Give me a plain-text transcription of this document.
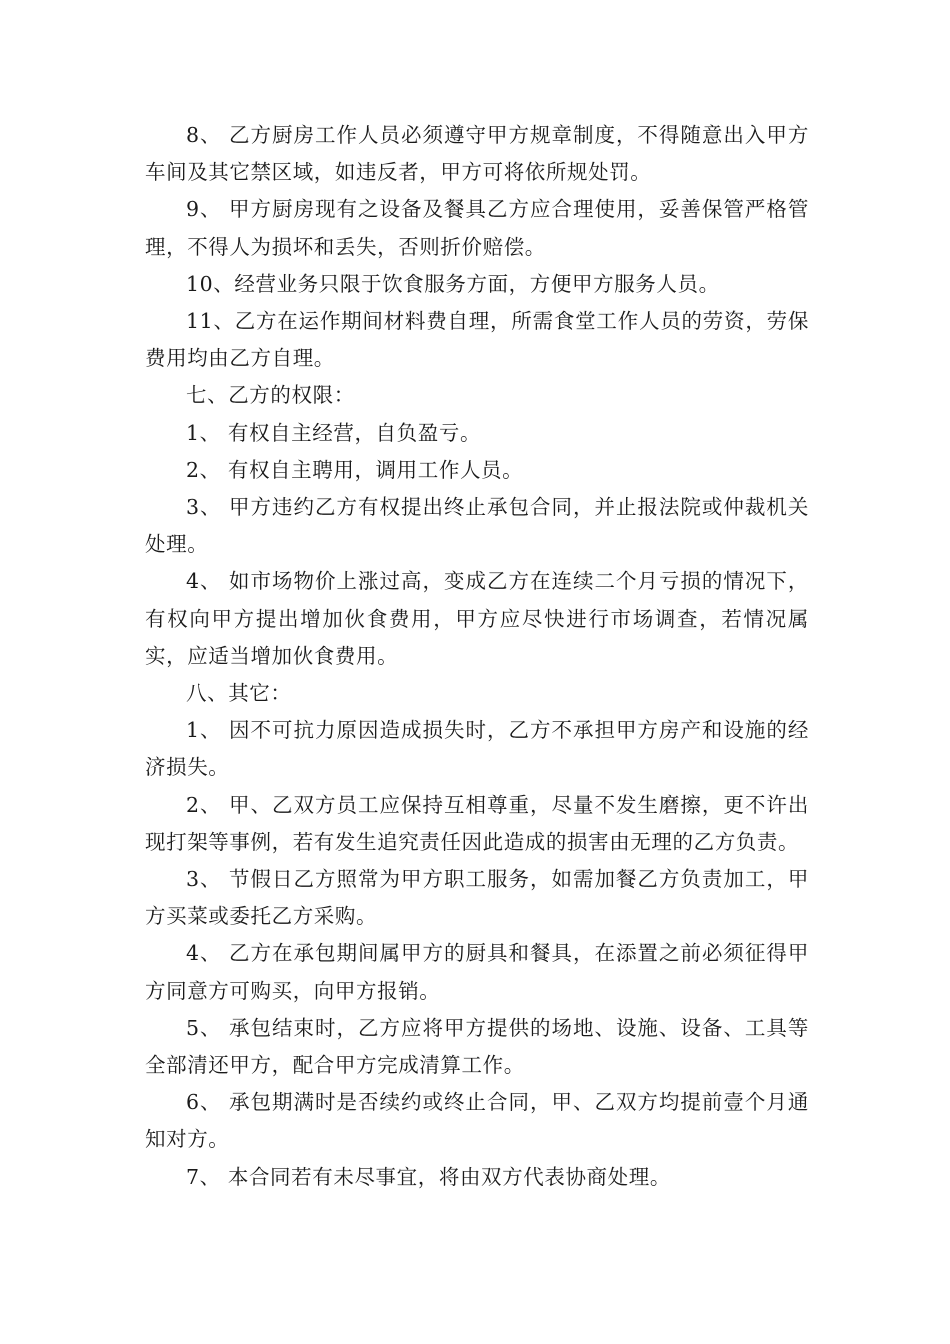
8、 乙方厨房工作人员必须遵守甲方规章制度，不得随意出入甲方车间及其它禁区域，如违反者，甲方可将依所规处罚。

9、 甲方厨房现有之设备及餐具乙方应合理使用，妥善保管严格管理，不得人为损坏和丢失，否则折价赔偿。

10、经营业务只限于饮食服务方面，方便甲方服务人员。

11、乙方在运作期间材料费自理，所需食堂工作人员的劳资，劳保费用均由乙方自理。

七、乙方的权限：

1、 有权自主经营，自负盈亏。

2、 有权自主聘用，调用工作人员。

3、 甲方违约乙方有权提出终止承包合同，并止报法院或仲裁机关处理。

4、 如市场物价上涨过高，变成乙方在连续二个月亏损的情况下，有权向甲方提出增加伙食费用，甲方应尽快进行市场调查，若情况属实，应适当增加伙食费用。

八、其它：

1、 因不可抗力原因造成损失时，乙方不承担甲方房产和设施的经济损失。

2、 甲、乙双方员工应保持互相尊重，尽量不发生磨擦，更不许出现打架等事例，若有发生追究责任因此造成的损害由无理的乙方负责。

3、 节假日乙方照常为甲方职工服务，如需加餐乙方负责加工，甲方买菜或委托乙方采购。

4、 乙方在承包期间属甲方的厨具和餐具，在添置之前必须征得甲方同意方可购买，向甲方报销。

5、 承包结束时，乙方应将甲方提供的场地、设施、设备、工具等全部清还甲方，配合甲方完成清算工作。

6、 承包期满时是否续约或终止合同，甲、乙双方均提前壹个月通知对方。

7、 本合同若有未尽事宜，将由双方代表协商处理。
